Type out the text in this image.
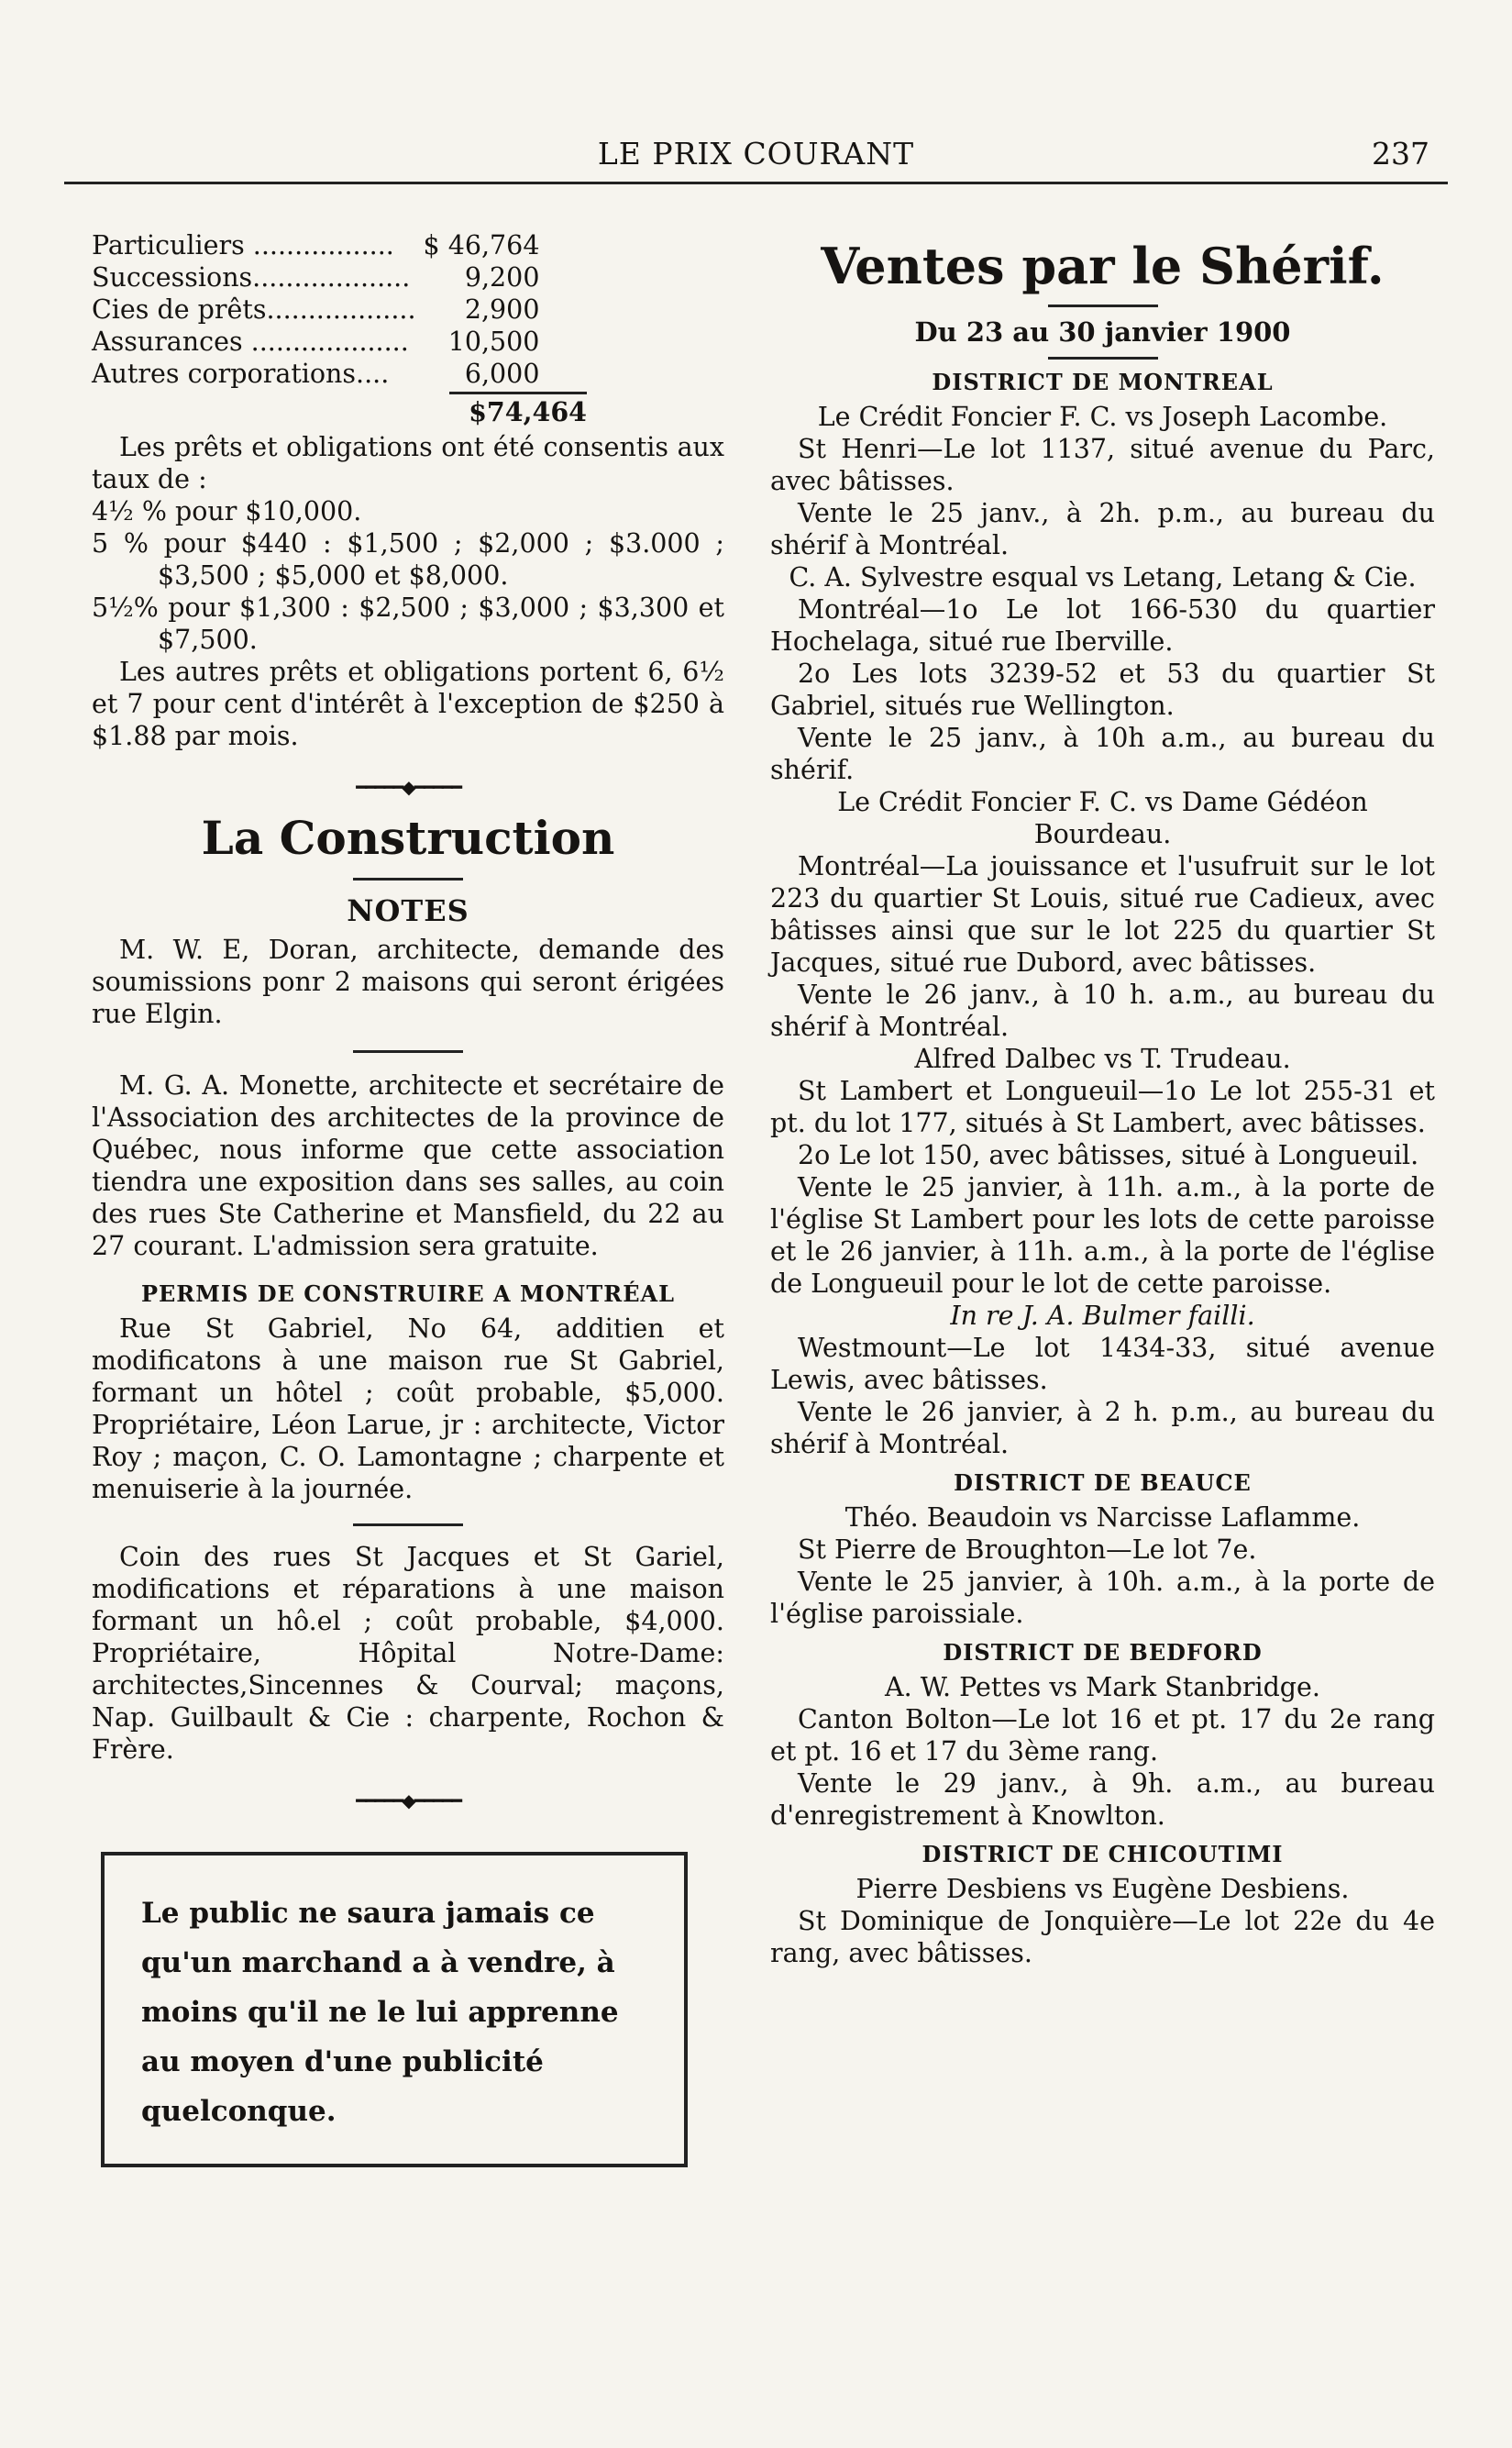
LE PRIX COURANT	237
Particuliers .................	$ 46,764
Successions...................	9,200
Cies de prêts..................	2,900
Assurances ...................	10,500
Autres corporations....	6,000
$74,464

Les prêts et obligations ont été consentis aux taux de :

4½ % pour $10,000.

5 % pour $440 : $1,500 ; $2,000 ; $3.000 ; $3,500 ; $5,000 et $8,000.

5½% pour $1,300 : $2,500 ; $3,000 ; $3,300 et $7,500.

Les autres prêts et obligations portent 6, 6½ et 7 pour cent d'intérêt à l'exception de $250 à $1.88 par mois.

━━━━━◆━━━━━
La Construction
NOTES

M. W. E, Doran, architecte, demande des soumissions ponr 2 maisons qui seront érigées rue Elgin.

M. G. A. Monette, architecte et secrétaire de l'Association des architectes de la province de Québec, nous informe que cette association tiendra une exposition dans ses salles, au coin des rues Ste Catherine et Mansfield, du 22 au 27 courant. L'admission sera gratuite.

PERMIS DE CONSTRUIRE A MONTRÉAL

Rue St Gabriel, No 64, additien et modificatons à une maison rue St Gabriel, formant un hôtel ; coût probable, $5,000. Propriétaire, Léon Larue, jr : architecte, Victor Roy ; maçon, C. O. Lamontagne ; charpente et menuiserie à la journée.

Coin des rues St Jacques et St Gariel, modifications et réparations à une maison formant un hô.el ; coût probable, $4,000. Propriétaire, Hôpital Notre-Dame: architectes,Sincennes & Courval; maçons, Nap. Guilbault & Cie : charpente, Rochon & Frère.

━━━━━◆━━━━━

Le public ne saura jamais ce qu'un marchand a à vendre, à moins qu'il ne le lui apprenne au moyen d'une publicité quelconque.

Ventes par le Shérif.
Du 23 au 30 janvier 1900
DISTRICT DE MONTREAL

Le Crédit Foncier F. C. vs Joseph Lacombe.

St Henri—Le lot 1137, situé avenue du Parc, avec bâtisses.

Vente le 25 janv., à 2h. p.m., au bureau du shérif à Montréal.

C. A. Sylvestre esqual vs Letang, Letang & Cie.

Montréal—1o Le lot 166-530 du quartier Hochelaga, situé rue Iberville.

2o Les lots 3239-52 et 53 du quartier St Gabriel, situés rue Wellington.

Vente le 25 janv., à 10h a.m., au bureau du shérif.

Le Crédit Foncier F. C. vs Dame Gédéon Bourdeau.

Montréal—La jouissance et l'usufruit sur le lot 223 du quartier St Louis, situé rue Cadieux, avec bâtisses ainsi que sur le lot 225 du quartier St Jacques, situé rue Dubord, avec bâtisses.

Vente le 26 janv., à 10 h. a.m., au bureau du shérif à Montréal.

Alfred Dalbec vs T. Trudeau.

St Lambert et Longueuil—1o Le lot 255-31 et pt. du lot 177, situés à St Lambert, avec bâtisses.

2o Le lot 150, avec bâtisses, situé à Longueuil.

Vente le 25 janvier, à 11h. a.m., à la porte de l'église St Lambert pour les lots de cette paroisse et le 26 janvier, à 11h. a.m., à la porte de l'église de Longueuil pour le lot de cette paroisse.

In re J. A. Bulmer failli.

Westmount—Le lot 1434-33, situé avenue Lewis, avec bâtisses.

Vente le 26 janvier, à 2 h. p.m., au bureau du shérif à Montréal.

DISTRICT DE BEAUCE

Théo. Beaudoin vs Narcisse Laflamme.

St Pierre de Broughton—Le lot 7e.

Vente le 25 janvier, à 10h. a.m., à la porte de l'église paroissiale.

DISTRICT DE BEDFORD

A. W. Pettes vs Mark Stanbridge.

Canton Bolton—Le lot 16 et pt. 17 du 2e rang et pt. 16 et 17 du 3ème rang.

Vente le 29 janv., à 9h. a.m., au bureau d'enregistrement à Knowlton.

DISTRICT DE CHICOUTIMI

Pierre Desbiens vs Eugène Desbiens.

St Dominique de Jonquière—Le lot 22e du 4e rang, avec bâtisses.
